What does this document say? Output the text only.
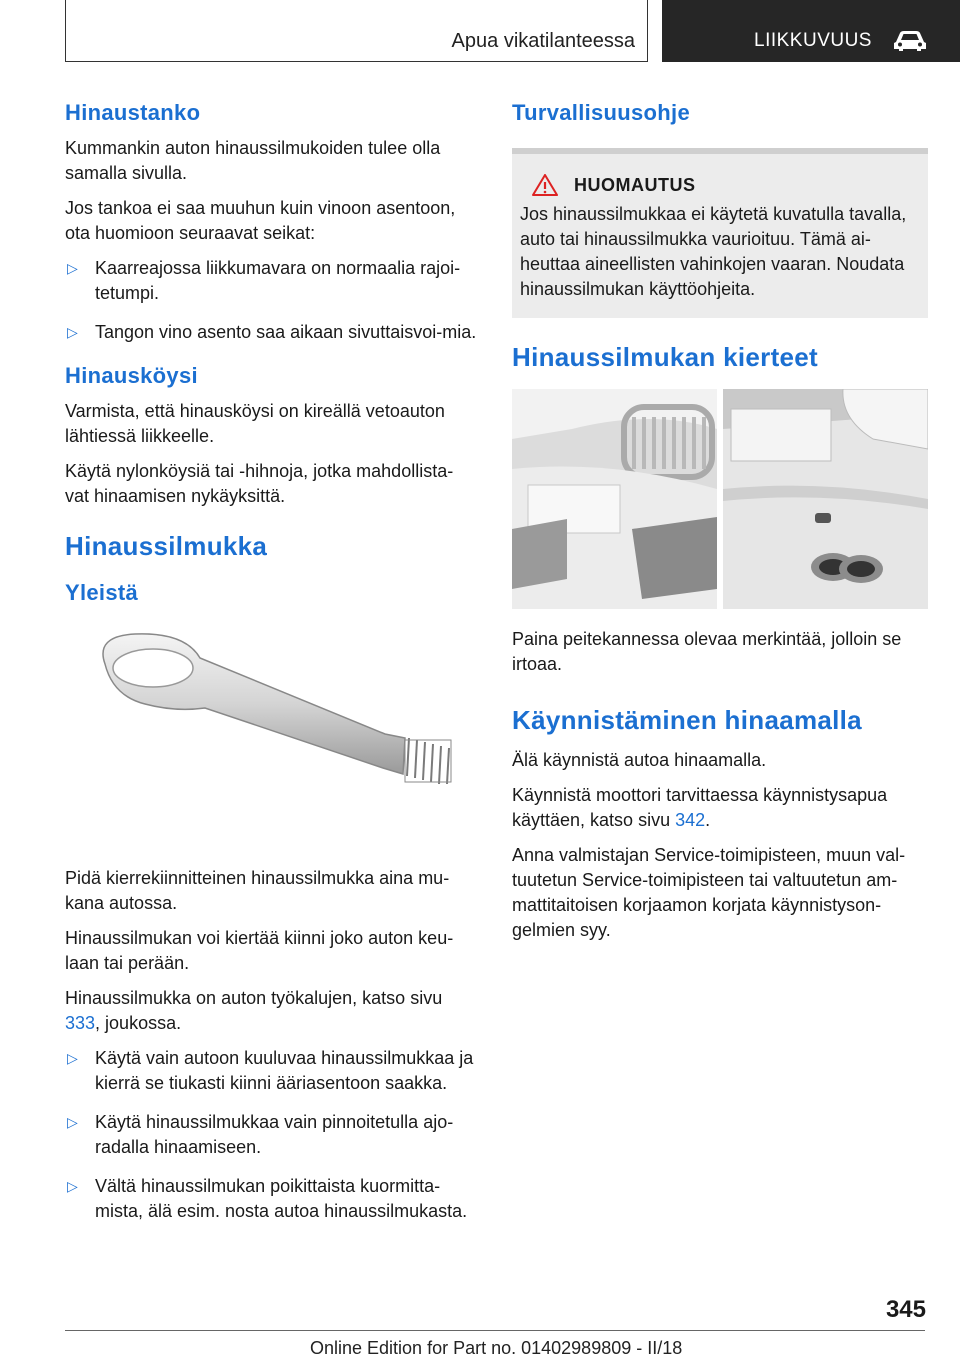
Apua vikatilanteessa	LIIKKUVUUS
Hinaustanko

Kummankin auton hinaussilmukoiden tulee olla samalla sivulla.

Jos tankoa ei saa muuhun kuin vinoon asentoon, ota huomioon seuraavat seikat:

▷ Kaarreajossa liikkumavara on normaalia rajoi-tetumpi.
▷ Tangon vino asento saa aikaan sivuttaisvoi-mia.
Hinausköysi

Varmista, että hinausköysi on kireällä vetoauton lähtiessä liikkeelle.

Käytä nylonköysiä tai -hihnoja, jotka mahdollista-vat hinaamisen nykäyksittä.

Hinaussilmukka
Yleistä

Pidä kierrekiinnitteinen hinaussilmukka aina mu-kana autossa.

Hinaussilmukan voi kiertää kiinni joko auton keu-laan tai perään.

Hinaussilmukka on auton työkalujen, katso sivu 333, joukossa.

▷ Käytä vain autoon kuuluvaa hinaussilmukkaa ja kierrä se tiukasti kiinni ääriasentoon saakka.
▷ Käytä hinaussilmukkaa vain pinnoitetulla ajo-radalla hinaamiseen.
▷ Vältä hinaussilmukan poikittaista kuormitta-mista, älä esim. nosta autoa hinaussilmukasta.
Turvallisuusohje
HUOMAUTUS

Jos hinaussilmukkaa ei käytetä kuvatulla tavalla, auto tai hinaussilmukka vaurioituu. Tämä ai-heuttaa aineellisten vahinkojen vaaran. Noudata hinaussilmukan käyttöohjeita.

Hinaussilmukan kierteet

Paina peitekannessa olevaa merkintää, jolloin se irtoaa.

Käynnistäminen hinaamalla

Älä käynnistä autoa hinaamalla.

Käynnistä moottori tarvittaessa käynnistysapua käyttäen, katso sivu 342.

Anna valmistajan Service-toimipisteen, muun val-tuutetun Service-toimipisteen tai valtuutetun am-mattitaitoisen korjaamon korjata käynnistyson-gelmien syy.

345
Online Edition for Part no. 01402989809 - II/18
